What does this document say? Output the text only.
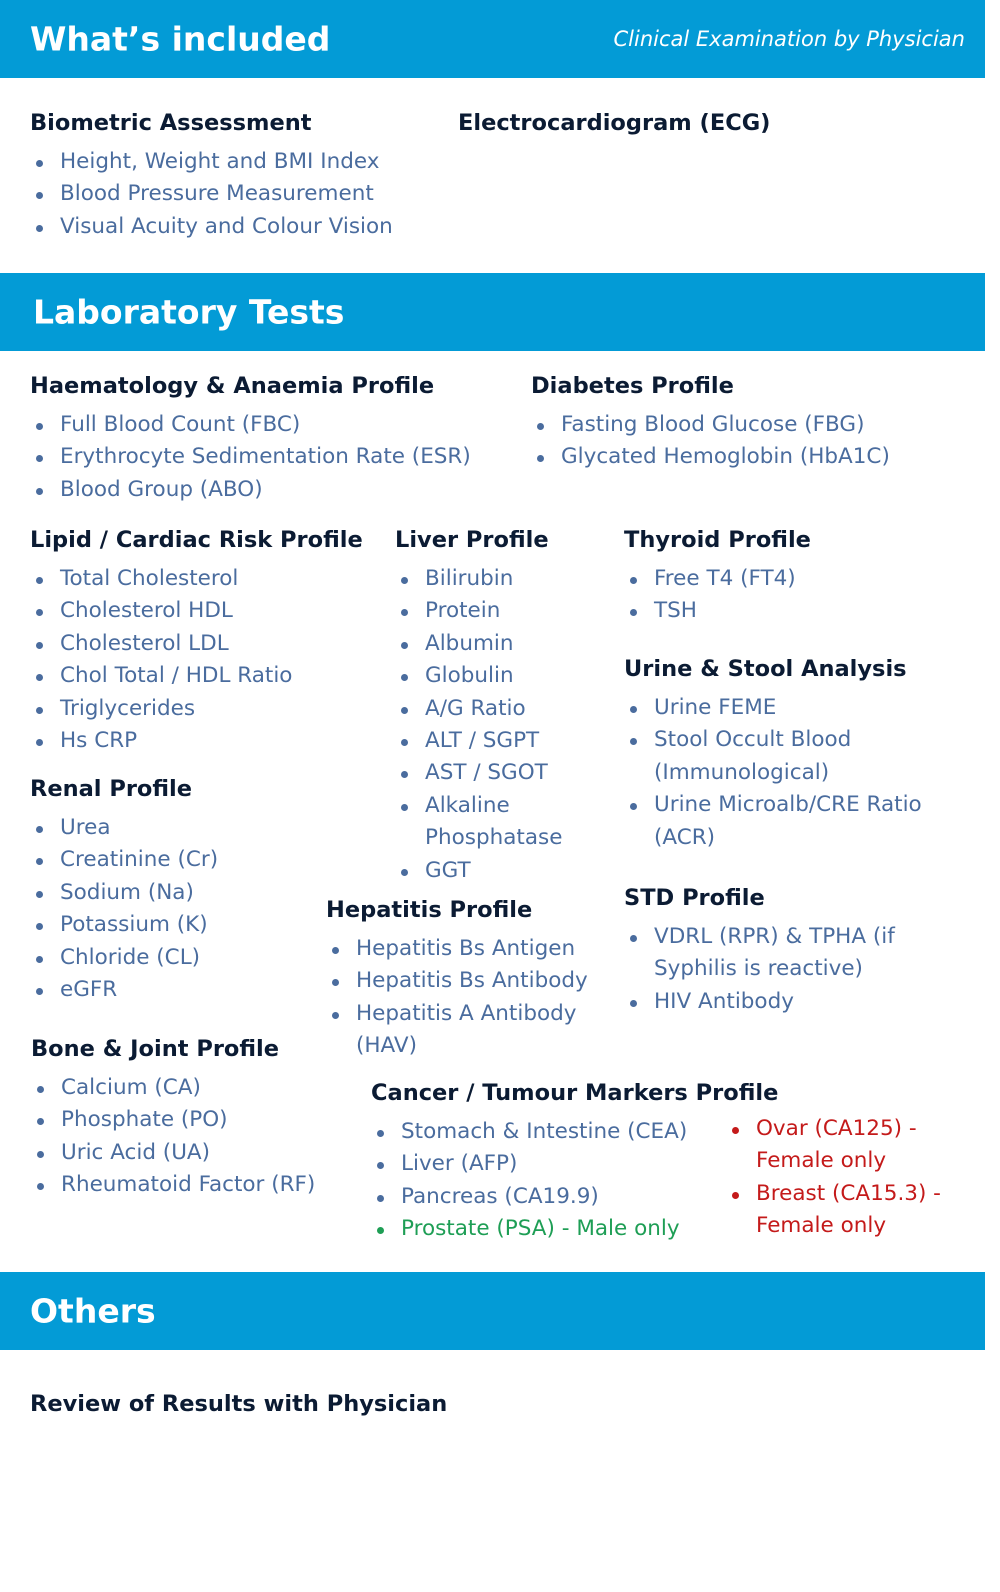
What’s included	Clinical Examination by Physician
Biometric Assessment
Height, Weight and BMI Index
Blood Pressure Measurement
Visual Acuity and Colour Vision
Electrocardiogram (ECG)
Laboratory Tests
Haematology & Anaemia Profile
Full Blood Count (FBC)
Erythrocyte Sedimentation Rate (ESR)
Blood Group (ABO)
Diabetes Profile
Fasting Blood Glucose (FBG)
Glycated Hemoglobin (HbA1C)
Lipid / Cardiac Risk Profile
Total Cholesterol
Cholesterol HDL
Cholesterol LDL
Chol Total / HDL Ratio
Triglycerides
Hs CRP
Liver Profile
Bilirubin
Protein
Albumin
Globulin
A/G Ratio
ALT / SGPT
AST / SGOT
Alkaline Phosphatase
GGT
Thyroid Profile
Free T4 (FT4)
TSH
Urine & Stool Analysis
Urine FEME
Stool Occult Blood (Immunological)
Urine Microalb/CRE Ratio (ACR)
Renal Profile
Urea
Creatinine (Cr)
Sodium (Na)
Potassium (K)
Chloride (CL)
eGFR
Hepatitis Profile
Hepatitis Bs Antigen
Hepatitis Bs Antibody
Hepatitis A Antibody (HAV)
STD Profile
VDRL (RPR) & TPHA (if Syphilis is reactive)
HIV Antibody
Bone & Joint Profile
Calcium (CA)
Phosphate (PO)
Uric Acid (UA)
Rheumatoid Factor (RF)
Cancer / Tumour Markers Profile
Stomach & Intestine (CEA)
Liver (AFP)
Pancreas (CA19.9)
Prostate (PSA) - Male only
Ovar (CA125) - Female only
Breast (CA15.3) - Female only
Others
Review of Results with Physician
